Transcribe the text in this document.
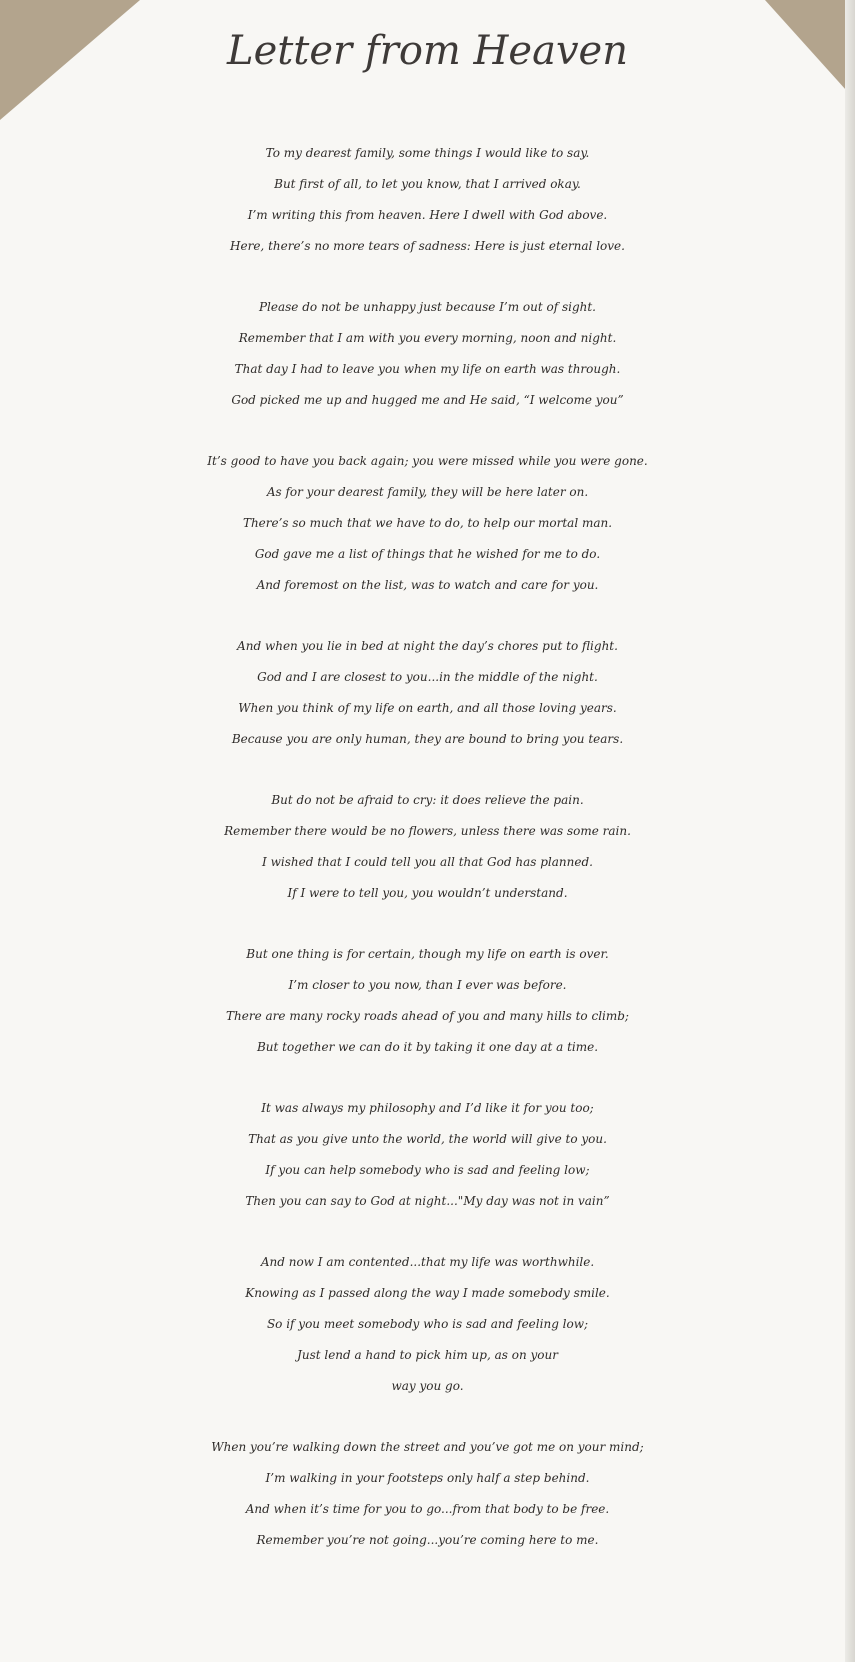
Letter from Heaven
To my dearest family, some things I would like to say.
But first of all, to let you know, that I arrived okay.
I’m writing this from heaven. Here I dwell with God above.
Here, there’s no more tears of sadness: Here is just eternal love.
Please do not be unhappy just because I’m out of sight.
Remember that I am with you every morning, noon and night.
That day I had to leave you when my life on earth was through.
God picked me up and hugged me and He said, “I welcome you”
It’s good to have you back again; you were missed while you were gone.
As for your dearest family, they will be here later on.
There’s so much that we have to do, to help our mortal man.
God gave me a list of things that he wished for me to do.
And foremost on the list, was to watch and care for you.
And when you lie in bed at night the day’s chores put to flight.
God and I are closest to you...in the middle of the night.
When you think of my life on earth, and all those loving years.
Because you are only human, they are bound to bring you tears.
But do not be afraid to cry: it does relieve the pain.
Remember there would be no flowers, unless there was some rain.
I wished that I could tell you all that God has planned.
If I were to tell you, you wouldn’t understand.
But one thing is for certain, though my life on earth is over.
I’m closer to you now, than I ever was before.
There are many rocky roads ahead of you and many hills to climb;
But together we can do it by taking it one day at a time.
It was always my philosophy and I’d like it for you too;
That as you give unto the world, the world will give to you.
If you can help somebody who is sad and feeling low;
Then you can say to God at night..."My day was not in vain”
And now I am contented...that my life was worthwhile.
Knowing as I passed along the way I made somebody smile.
So if you meet somebody who is sad and feeling low;
Just lend a hand to pick him up, as on your
way you go.
When you’re walking down the street and you’ve got me on your mind;
I’m walking in your footsteps only half a step behind.
And when it’s time for you to go...from that body to be free.
Remember you’re not going...you’re coming here to me.
